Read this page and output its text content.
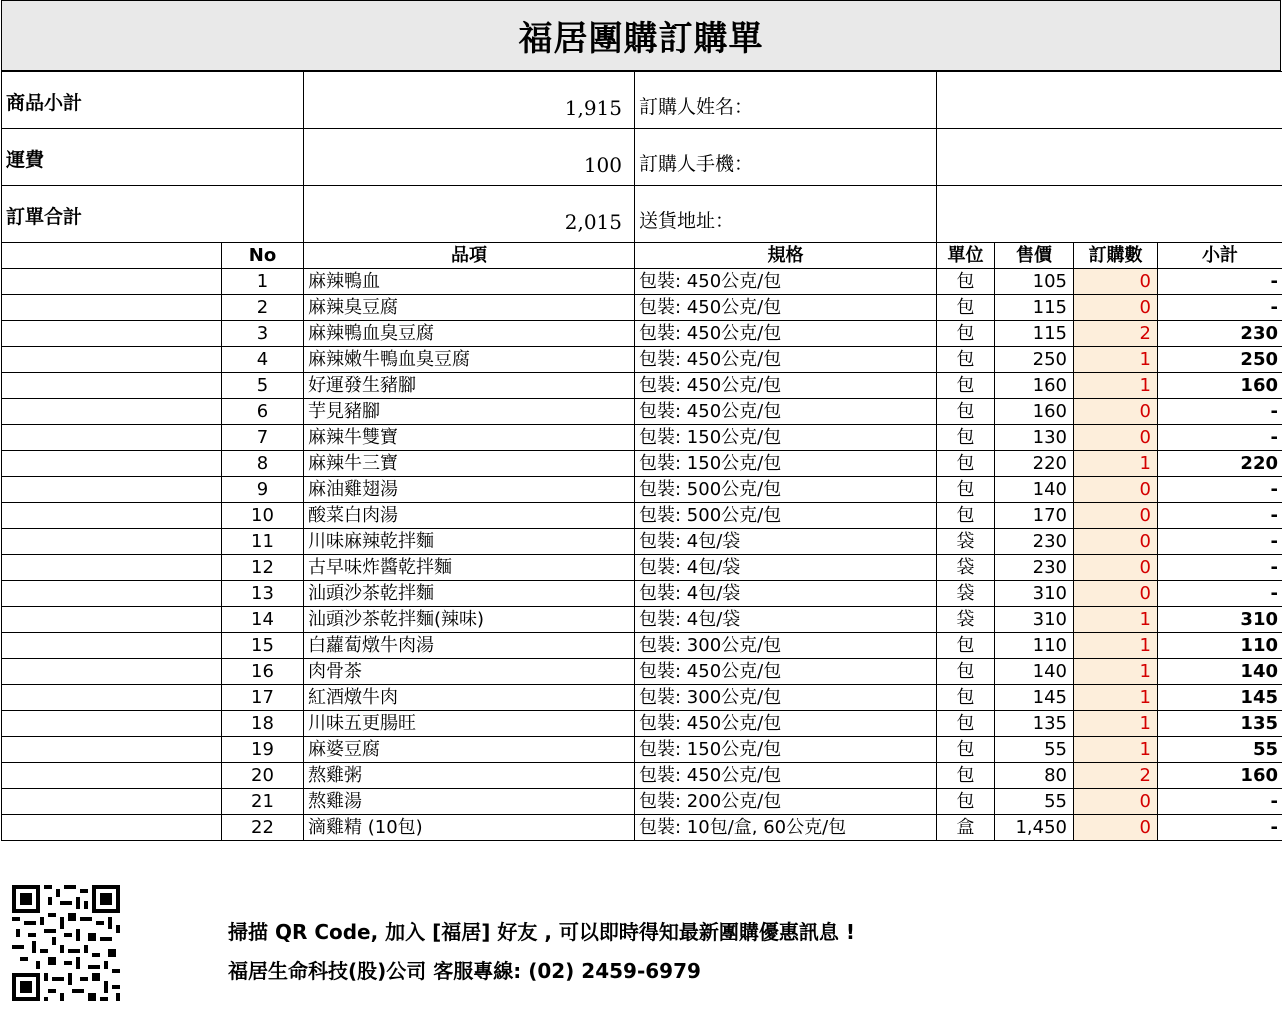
福居團購訂購單
商品小計	1,915	訂購人姓名：	
運費	100	訂購人手機：	
訂單合計	2,015	送貨地址：	
	No	品項	規格	單位	售價	訂購數	小計
	1	麻辣鴨血	包裝: 450公克/包	包	105	0	-
	2	麻辣臭豆腐	包裝: 450公克/包	包	115	0	-
	3	麻辣鴨血臭豆腐	包裝: 450公克/包	包	115	2	230
	4	麻辣嫩牛鴨血臭豆腐	包裝: 450公克/包	包	250	1	250
	5	好運發生豬腳	包裝: 450公克/包	包	160	1	160
	6	芋見豬腳	包裝: 450公克/包	包	160	0	-
	7	麻辣牛雙寶	包裝: 150公克/包	包	130	0	-
	8	麻辣牛三寶	包裝: 150公克/包	包	220	1	220
	9	麻油雞翅湯	包裝: 500公克/包	包	140	0	-
	10	酸菜白肉湯	包裝: 500公克/包	包	170	0	-
	11	川味麻辣乾拌麵	包裝: 4包/袋	袋	230	0	-
	12	古早味炸醬乾拌麵	包裝: 4包/袋	袋	230	0	-
	13	汕頭沙茶乾拌麵	包裝: 4包/袋	袋	310	0	-
	14	汕頭沙茶乾拌麵(辣味)	包裝: 4包/袋	袋	310	1	310
	15	白蘿蔔燉牛肉湯	包裝: 300公克/包	包	110	1	110
	16	肉骨茶	包裝: 450公克/包	包	140	1	140
	17	紅酒燉牛肉	包裝: 300公克/包	包	145	1	145
	18	川味五更腸旺	包裝: 450公克/包	包	135	1	135
	19	麻婆豆腐	包裝: 150公克/包	包	55	1	55
	20	熬雞粥	包裝: 450公克/包	包	80	2	160
	21	熬雞湯	包裝: 200公克/包	包	55	0	-
	22	滴雞精 (10包)	包裝: 10包/盒, 60公克/包	盒	1,450	0	-
掃描 QR Code, 加入 [福居] 好友 , 可以即時得知最新團購優惠訊息 !
福居生命科技(股)公司 客服專線: (02) 2459-6979
